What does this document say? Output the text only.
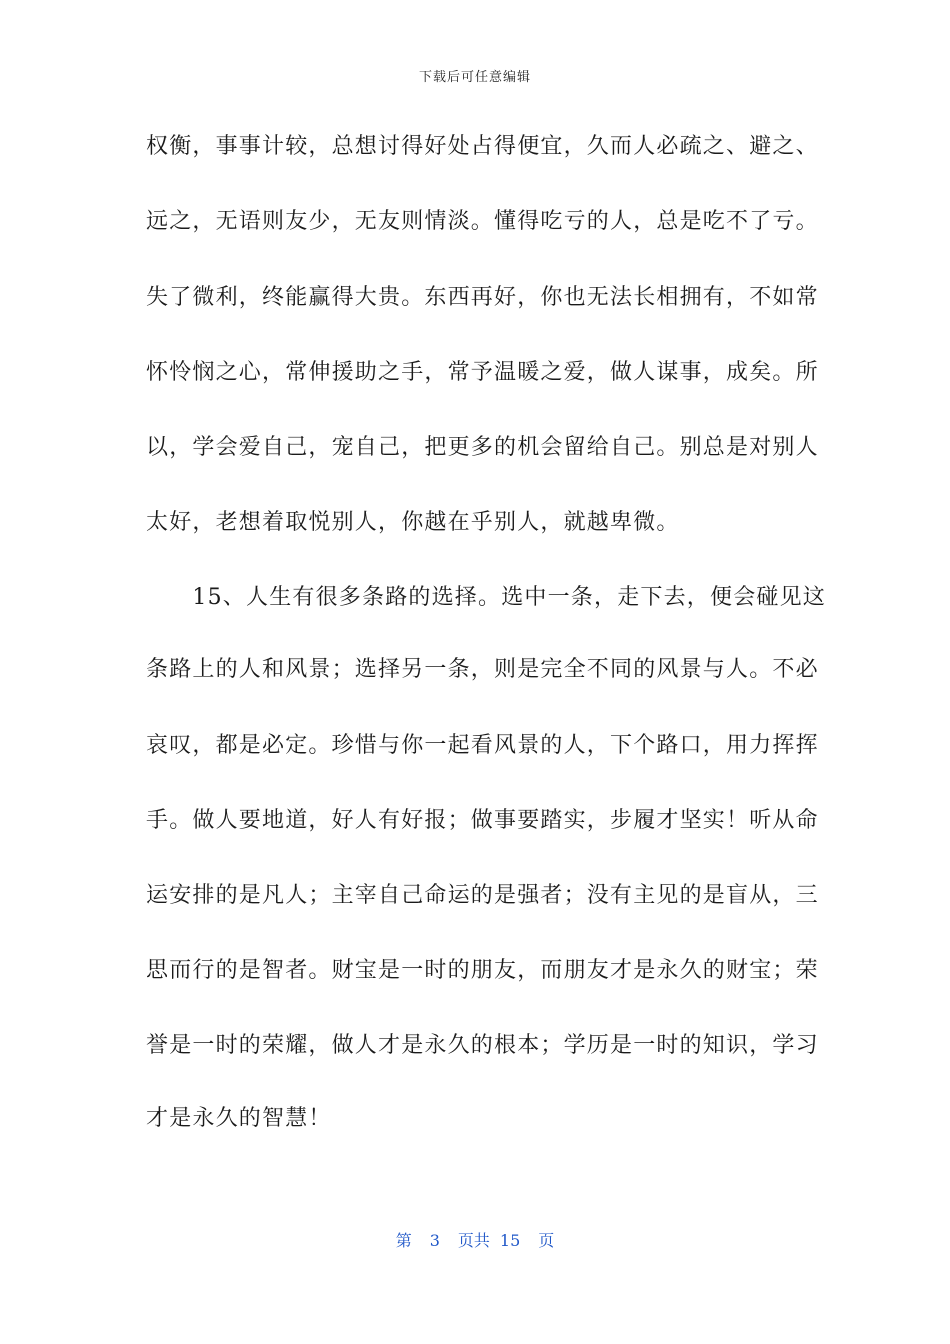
下载后可任意编辑
权衡，事事计较，总想讨得好处占得便宜，久而人必疏之、避之、
远之，无语则友少，无友则情淡。懂得吃亏的人，总是吃不了亏。
失了微利，终能赢得大贵。东西再好，你也无法长相拥有，不如常
怀怜悯之心，常伸援助之手，常予温暖之爱，做人谋事，成矣。所
以，学会爱自己，宠自己，把更多的机会留给自己。别总是对别人
太好，老想着取悦别人，你越在乎别人，就越卑微。
　　15、人生有很多条路的选择。选中一条，走下去，便会碰见这
条路上的人和风景；选择另一条，则是完全不同的风景与人。不必
哀叹，都是必定。珍惜与你一起看风景的人，下个路口，用力挥挥
手。做人要地道，好人有好报；做事要踏实，步履才坚实！听从命
运安排的是凡人；主宰自己命运的是强者；没有主见的是盲从，三
思而行的是智者。财宝是一时的朋友，而朋友才是永久的财宝；荣
誉是一时的荣耀，做人才是永久的根本；学历是一时的知识，学习
才是永久的智慧！
第 3 页共 15 页
